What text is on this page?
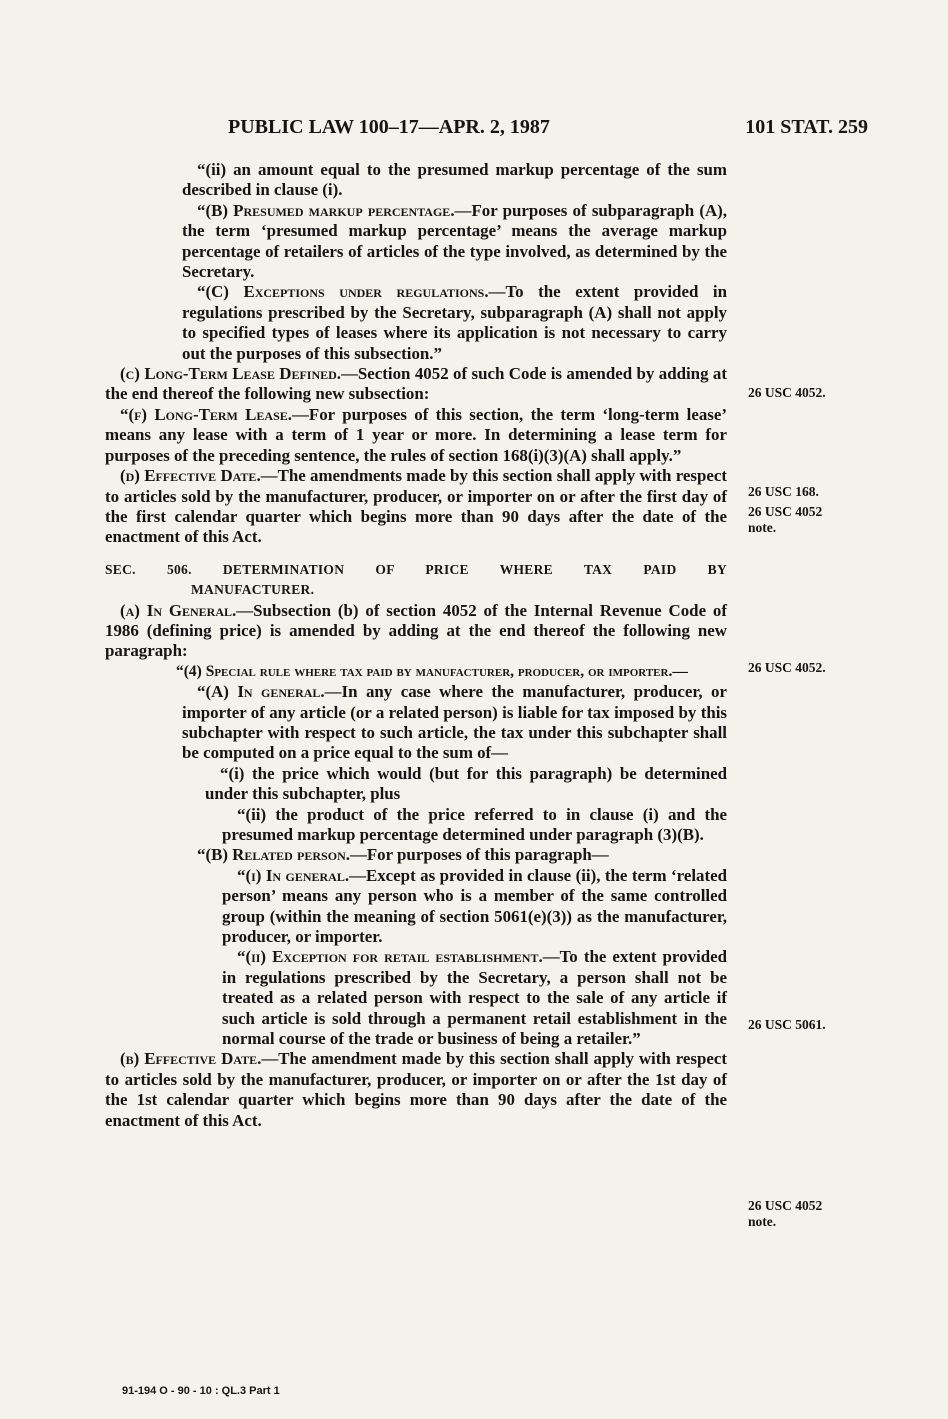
PUBLIC LAW 100–17—APR. 2, 1987	101 STAT. 259

“(ii) an amount equal to the presumed markup percentage of the sum described in clause (i).

“(B) Presumed markup percentage.—For purposes of subparagraph (A), the term ‘presumed markup percentage’ means the average markup percentage of retailers of articles of the type involved, as determined by the Secretary.

“(C) Exceptions under regulations.—To the extent provided in regulations prescribed by the Secretary, subparagraph (A) shall not apply to specified types of leases where its application is not necessary to carry out the purposes of this subsection.”

(c) Long-Term Lease Defined.—Section 4052 of such Code is amended by adding at the end thereof the following new subsection:

“(f) Long-Term Lease.—For purposes of this section, the term ‘long-term lease’ means any lease with a term of 1 year or more. In determining a lease term for purposes of the preceding sentence, the rules of section 168(i)(3)(A) shall apply.”

(d) Effective Date.—The amendments made by this section shall apply with respect to articles sold by the manufacturer, producer, or importer on or after the first day of the first calendar quarter which begins more than 90 days after the date of the enactment of this Act.

SEC. 506. DETERMINATION OF PRICE WHERE TAX PAID BY
MANUFACTURER.

(a) In General.—Subsection (b) of section 4052 of the Internal Revenue Code of 1986 (defining price) is amended by adding at the end thereof the following new paragraph:

“(4) Special rule where tax paid by manufacturer, producer, or importer.—

“(A) In general.—In any case where the manufacturer, producer, or importer of any article (or a related person) is liable for tax imposed by this subchapter with respect to such article, the tax under this subchapter shall be computed on a price equal to the sum of—

“(i) the price which would (but for this paragraph) be determined under this subchapter, plus

“(ii) the product of the price referred to in clause (i) and the presumed markup percentage determined under paragraph (3)(B).

“(B) Related person.—For purposes of this paragraph—

“(i) In general.—Except as provided in clause (ii), the term ‘related person’ means any person who is a member of the same controlled group (within the meaning of section 5061(e)(3)) as the manufacturer, producer, or importer.

“(ii) Exception for retail establishment.—To the extent provided in regulations prescribed by the Secretary, a person shall not be treated as a related person with respect to the sale of any article if such article is sold through a permanent retail establishment in the normal course of the trade or business of being a retailer.”

(b) Effective Date.—The amendment made by this section shall apply with respect to articles sold by the manufacturer, producer, or importer on or after the 1st day of the 1st calendar quarter which begins more than 90 days after the date of the enactment of this Act.

26 USC 4052.
26 USC 168.
26 USC 4052 note.
26 USC 4052.
26 USC 5061.
26 USC 4052 note.
91-194 O - 90 - 10 : QL.3 Part 1
